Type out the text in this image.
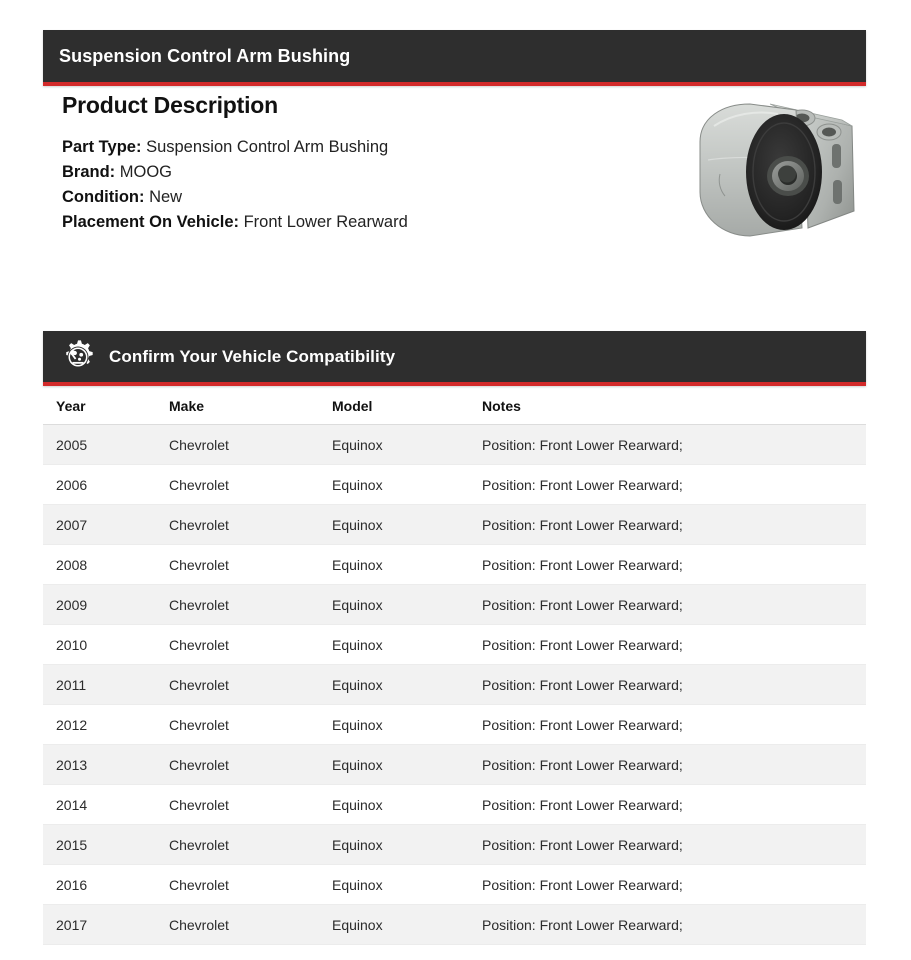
Suspension Control Arm Bushing
Product Description
Part Type: Suspension Control Arm Bushing
Brand: MOOG
Condition: New
Placement On Vehicle: Front Lower Rearward
Confirm Your Vehicle Compatibility
Year	Make	Model	Notes
2005	Chevrolet	Equinox	Position: Front Lower Rearward;
2006	Chevrolet	Equinox	Position: Front Lower Rearward;
2007	Chevrolet	Equinox	Position: Front Lower Rearward;
2008	Chevrolet	Equinox	Position: Front Lower Rearward;
2009	Chevrolet	Equinox	Position: Front Lower Rearward;
2010	Chevrolet	Equinox	Position: Front Lower Rearward;
2011	Chevrolet	Equinox	Position: Front Lower Rearward;
2012	Chevrolet	Equinox	Position: Front Lower Rearward;
2013	Chevrolet	Equinox	Position: Front Lower Rearward;
2014	Chevrolet	Equinox	Position: Front Lower Rearward;
2015	Chevrolet	Equinox	Position: Front Lower Rearward;
2016	Chevrolet	Equinox	Position: Front Lower Rearward;
2017	Chevrolet	Equinox	Position: Front Lower Rearward;
